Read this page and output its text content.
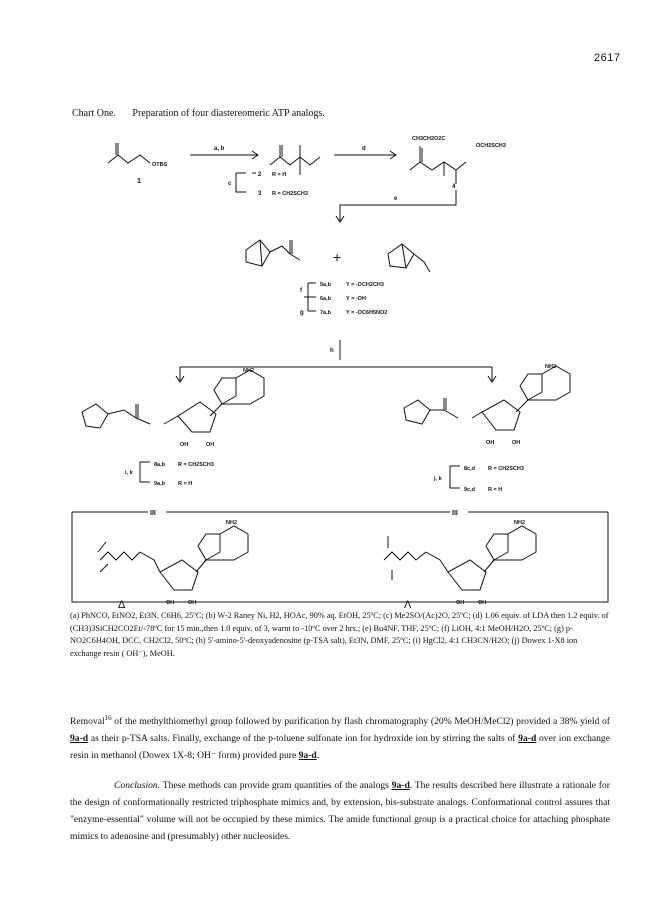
2617
Chart One. Preparation of four diastereomeric ATP analogs.
OTBS
1
a, b	d
c
2 R = H
3 R = CH2SCH3
CH3CH2O2C
OCH2SCH3
4
e
+
f
g
5a,b	Y = -OCH2CH3
6a,b	Y = -OH
7a,b	Y = -OC6H5NO2
h
NH2
NH2
OH	OH	OH	OH
i, k
8a,b R = CH2SCH3
9a,b R = H
j, k
8c,d R = CH2SCH3
9c,d R = H
III	III
NH2	NH2
OH	OH	OH	OH
Δ	Λ
(a) PhNCO, EtNO2, Et3N, C6H6, 25ºC; (b) W-2 Raney Ni, H2, HOAc, 90% aq. EtOH, 25ºC; (c) Me2SO/(Ac)2O, 25ºC; (d) 1.06 equiv. of LDA then 1.2 equiv. of (CH3)3SiCH2CO2Et/-78ºC for 15 min.,then 1.0 equiv. of 3, warm to -10ºC over 2 hrs.; (e) Bu4NF, THF, 25ºC; (f) LiOH, 4:1 MeOH/H2O, 25ºC; (g) p-NO2C6H4OH, DCC, CH2Cl2, 50ºC; (h) 5'-amino-5'-deoxyadenosine (p-TSA salt), Et3N, DMF, 25ºC; (i) HgCl2, 4:1 CH3CN/H2O; (j) Dowex 1-X8 ion exchange resin ( OH⁻), MeOH.
Removal$^{16}$ of the methylthiomethyl group followed by purification by flash chromatography (20% MeOH/MeCl2) provided a 38% yield of 9a-d as their p-TSA salts. Finally, exchange of the p-toluene sulfonate ion for hydroxide ion by stirring the salts of 9a-d over ion exchange resin in methanol (Dowex 1X-8; OH⁻ form) provided pure 9a-d.
Conclusion. These methods can provide gram quantities of the analogs 9a-d. The results described here illustrate a rationale for the design of conformationally restricted triphosphate mimics and, by extension, bis-substrate analogs. Conformational control assures that "enzyme-essential" volume will not be occupied by these mimics. The amide functional group is a practical choice for attaching phosphate mimics to adenosine and (presumably) other nucleosides.
